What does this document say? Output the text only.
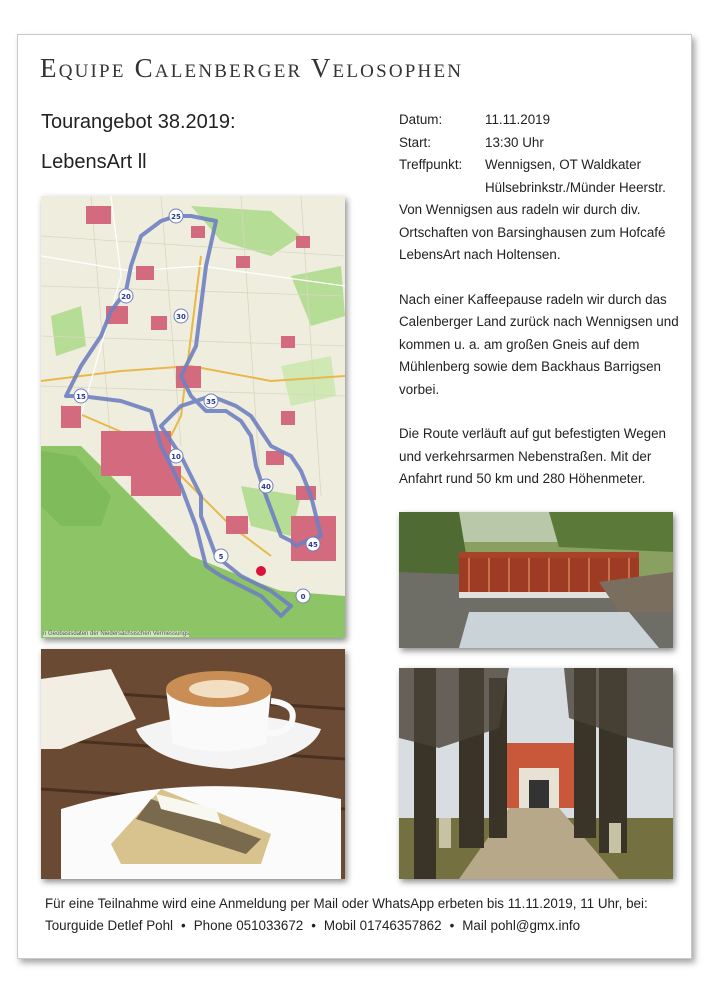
Equipe Calenberger Velosophen
Tourangebot 38.2019:
LebensArt ll
Datum:	11.11.2019
Start:	13:30 Uhr
Treffpunkt:	Wennigsen, OT Waldkater
Hülsebrinkstr./Münder Heerstr.

Von Wennigsen aus radeln wir durch div. Ortschaften von Barsinghausen zum Hofcafé LebensArt nach Holtensen.

Nach einer Kaffeepause radeln wir durch das Calenberger Land zurück nach Wennigsen und kommen u. a. am großen Gneis auf dem Mühlenberg sowie dem Backhaus Barrigsen vorbei.

Die Route verläuft auf gut befestigten Wegen und verkehrsarmen Nebenstraßen. Mit der Anfahrt rund 50 km und 280 Höhenmeter.

25
20
30
15
35
10
40
45
5
0
n Geobasisdaten der Niedersächsischen Vermessungs
Für eine Teilnahme wird eine Anmeldung per Mail oder WhatsApp erbeten bis 11.11.2019, 11 Uhr, bei:
Tourguide Detlef Pohl • Phone 051033672 • Mobil 01746357862 • Mail pohl@gmx.info
